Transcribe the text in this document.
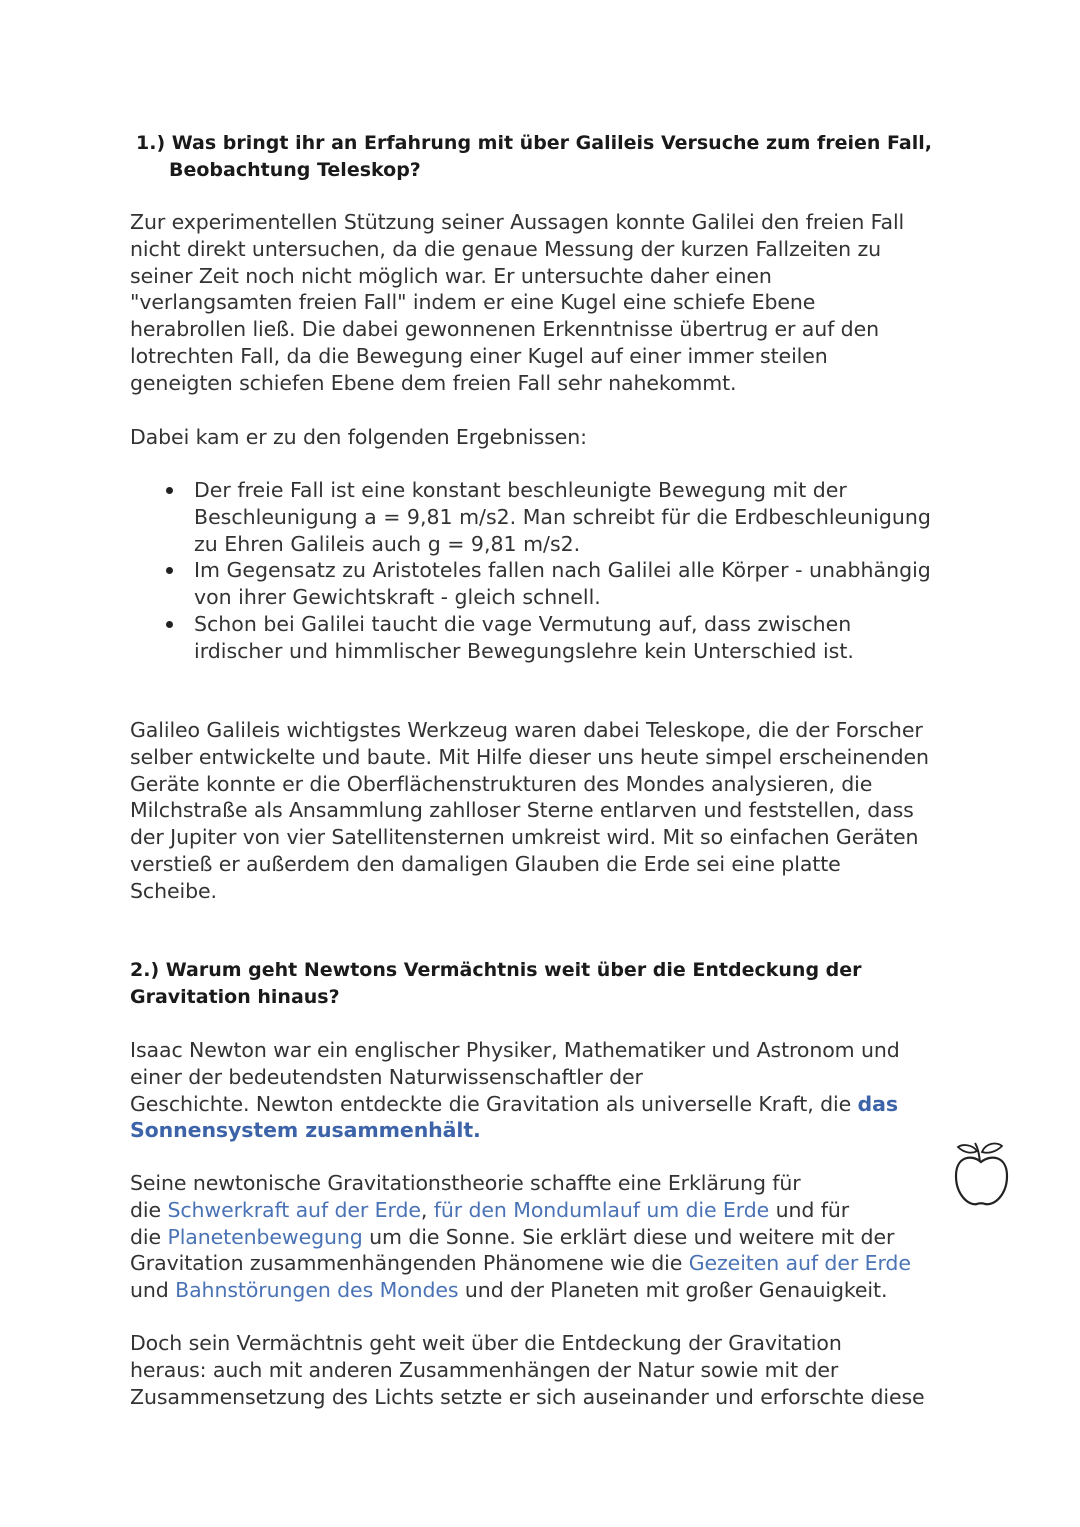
1.) Was bringt ihr an Erfahrung mit über Galileis Versuche zum freien Fall,
Beobachtung Teleskop?

Zur experimentellen Stützung seiner Aussagen konnte Galilei den freien Fall
nicht direkt untersuchen, da die genaue Messung der kurzen Fallzeiten zu
seiner Zeit noch nicht möglich war. Er untersuchte daher einen
"verlangsamten freien Fall" indem er eine Kugel eine schiefe Ebene
herabrollen ließ. Die dabei gewonnenen Erkenntnisse übertrug er auf den
lotrechten Fall, da die Bewegung einer Kugel auf einer immer steilen
geneigten schiefen Ebene dem freien Fall sehr nahekommt.

Dabei kam er zu den folgenden Ergebnissen:

Der freie Fall ist eine konstant beschleunigte Bewegung mit der
Beschleunigung a = 9,81 m/s2. Man schreibt für die Erdbeschleunigung
zu Ehren Galileis auch g = 9,81 m/s2.
Im Gegensatz zu Aristoteles fallen nach Galilei alle Körper - unabhängig
von ihrer Gewichtskraft - gleich schnell.
Schon bei Galilei taucht die vage Vermutung auf, dass zwischen
irdischer und himmlischer Bewegungslehre kein Unterschied ist.

Galileo Galileis wichtigstes Werkzeug waren dabei Teleskope, die der Forscher
selber entwickelte und baute. Mit Hilfe dieser uns heute simpel erscheinenden
Geräte konnte er die Oberflächenstrukturen des Mondes analysieren, die
Milchstraße als Ansammlung zahlloser Sterne entlarven und feststellen, dass
der Jupiter von vier Satellitensternen umkreist wird. Mit so einfachen Geräten
verstieß er außerdem den damaligen Glauben die Erde sei eine platte
Scheibe.

2.) Warum geht Newtons Vermächtnis weit über die Entdeckung der
Gravitation hinaus?

Isaac Newton war ein englischer Physiker, Mathematiker und Astronom und
einer der bedeutendsten Naturwissenschaftler der
Geschichte. Newton entdeckte die Gravitation als universelle Kraft, die das
Sonnensystem zusammenhält.

Seine newtonische Gravitationstheorie schaffte eine Erklärung für
die Schwerkraft auf der Erde, für den Mondumlauf um die Erde und für
die Planetenbewegung um die Sonne. Sie erklärt diese und weitere mit der
Gravitation zusammenhängenden Phänomene wie die Gezeiten auf der Erde
und Bahnstörungen des Mondes und der Planeten mit großer Genauigkeit.

Doch sein Vermächtnis geht weit über die Entdeckung der Gravitation
heraus: auch mit anderen Zusammenhängen der Natur sowie mit der
Zusammensetzung des Lichts setzte er sich auseinander und erforschte diese
